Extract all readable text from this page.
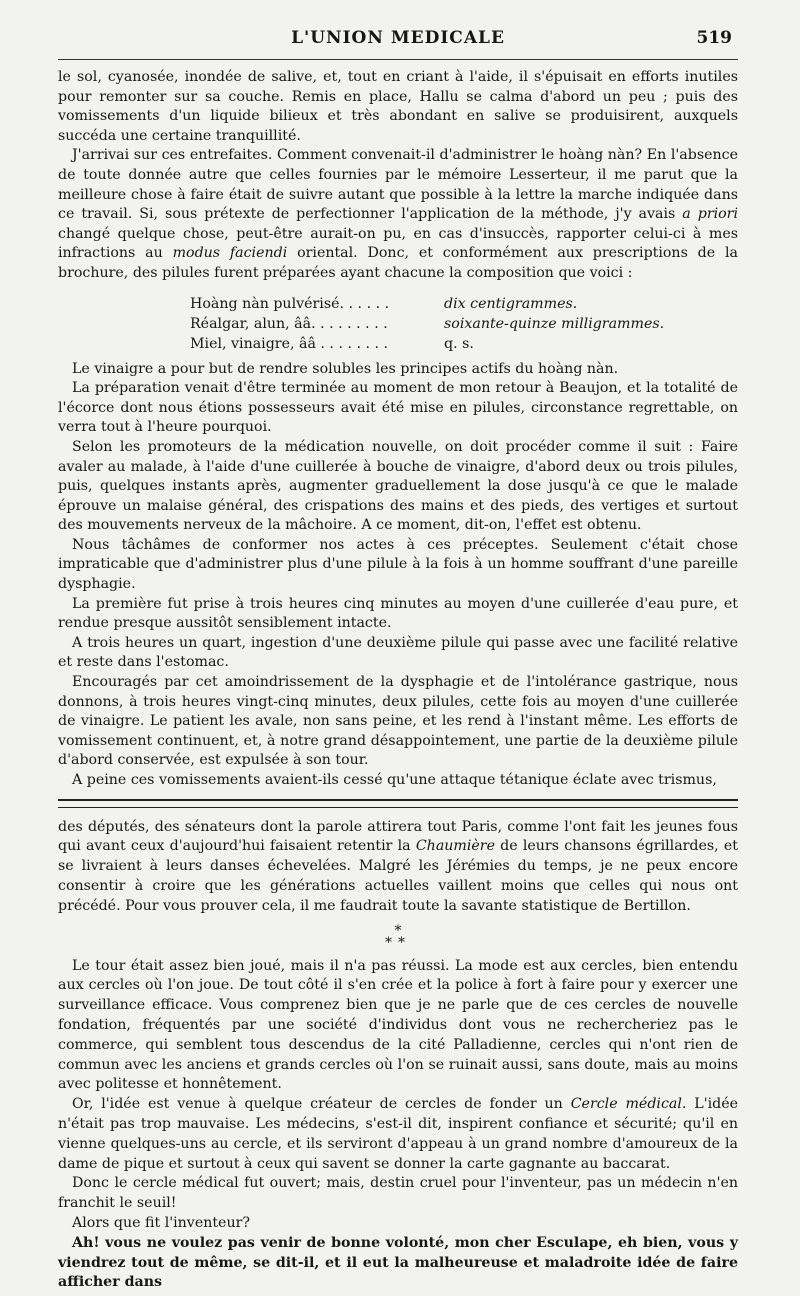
L'UNION MEDICALE	519

le sol, cyanosée, inondée de salive, et, tout en criant à l'aide, il s'épuisait en efforts inutiles pour remonter sur sa couche. Remis en place, Hallu se calma d'abord un peu ; puis des vomissements d'un liquide bilieux et très abondant en salive se produisirent, auxquels succéda une certaine tranquillité.

J'arrivai sur ces entrefaites. Comment convenait-il d'administrer le hoàng nàn? En l'absence de toute donnée autre que celles fournies par le mémoire Lesserteur, il me parut que la meilleure chose à faire était de suivre autant que possible à la lettre la marche indiquée dans ce travail. Si, sous prétexte de perfectionner l'application de la méthode, j'y avais a priori changé quelque chose, peut-être aurait-on pu, en cas d'insuccès, rapporter celui-ci à mes infractions au modus faciendi oriental. Donc, et conformément aux prescriptions de la brochure, des pilules furent préparées ayant chacune la composition que voici :

Hoàng nàn pulvérisé. . . . . .	dix centigrammes.
Réalgar, alun, ââ. . . . . . . . .	soixante-quinze milligrammes.
Miel, vinaigre, ââ . . . . . . . .	q. s.

Le vinaigre a pour but de rendre solubles les principes actifs du hoàng nàn.

La préparation venait d'être terminée au moment de mon retour à Beaujon, et la totalité de l'écorce dont nous étions possesseurs avait été mise en pilules, circonstance regrettable, on verra tout à l'heure pourquoi.

Selon les promoteurs de la médication nouvelle, on doit procéder comme il suit : Faire avaler au malade, à l'aide d'une cuillerée à bouche de vinaigre, d'abord deux ou trois pilules, puis, quelques instants après, augmenter graduellement la dose jusqu'à ce que le malade éprouve un malaise général, des crispations des mains et des pieds, des vertiges et surtout des mouvements nerveux de la mâchoire. A ce moment, dit-on, l'effet est obtenu.

Nous tâchâmes de conformer nos actes à ces préceptes. Seulement c'était chose impraticable que d'administrer plus d'une pilule à la fois à un homme souffrant d'une pareille dysphagie.

La première fut prise à trois heures cinq minutes au moyen d'une cuillerée d'eau pure, et rendue presque aussitôt sensiblement intacte.

A trois heures un quart, ingestion d'une deuxième pilule qui passe avec une facilité relative et reste dans l'estomac.

Encouragés par cet amoindrissement de la dysphagie et de l'intolérance gastrique, nous donnons, à trois heures vingt-cinq minutes, deux pilules, cette fois au moyen d'une cuillerée de vinaigre. Le patient les avale, non sans peine, et les rend à l'instant même. Les efforts de vomissement continuent, et, à notre grand désappointement, une partie de la deuxième pilule d'abord conservée, est expulsée à son tour.

A peine ces vomissements avaient-ils cessé qu'une attaque tétanique éclate avec trismus,

des députés, des sénateurs dont la parole attirera tout Paris, comme l'ont fait les jeunes fous qui avant ceux d'aujourd'hui faisaient retentir la Chaumière de leurs chansons égrillardes, et se livraient à leurs danses échevelées. Malgré les Jérémies du temps, je ne peux encore consentir à croire que les générations actuelles vaillent moins que celles qui nous ont précédé. Pour vous prouver cela, il me faudrait toute la savante statistique de Bertillon.

*
**

Le tour était assez bien joué, mais il n'a pas réussi. La mode est aux cercles, bien entendu aux cercles où l'on joue. De tout côté il s'en crée et la police à fort à faire pour y exercer une surveillance efficace. Vous comprenez bien que je ne parle que de ces cercles de nouvelle fondation, fréquentés par une société d'individus dont vous ne rechercheriez pas le commerce, qui semblent tous descendus de la cité Palladienne, cercles qui n'ont rien de commun avec les anciens et grands cercles où l'on se ruinait aussi, sans doute, mais au moins avec politesse et honnêtement.

Or, l'idée est venue à quelque créateur de cercles de fonder un Cercle médical. L'idée n'était pas trop mauvaise. Les médecins, s'est-il dit, inspirent confiance et sécurité; qu'il en vienne quelques-uns au cercle, et ils serviront d'appeau à un grand nombre d'amoureux de la dame de pique et surtout à ceux qui savent se donner la carte gagnante au baccarat.

Donc le cercle médical fut ouvert; mais, destin cruel pour l'inventeur, pas un médecin n'en franchit le seuil!

Alors que fit l'inventeur?

Ah! vous ne voulez pas venir de bonne volonté, mon cher Esculape, eh bien, vous y viendrez tout de même, se dit-il, et il eut la malheureuse et maladroite idée de faire afficher dans
